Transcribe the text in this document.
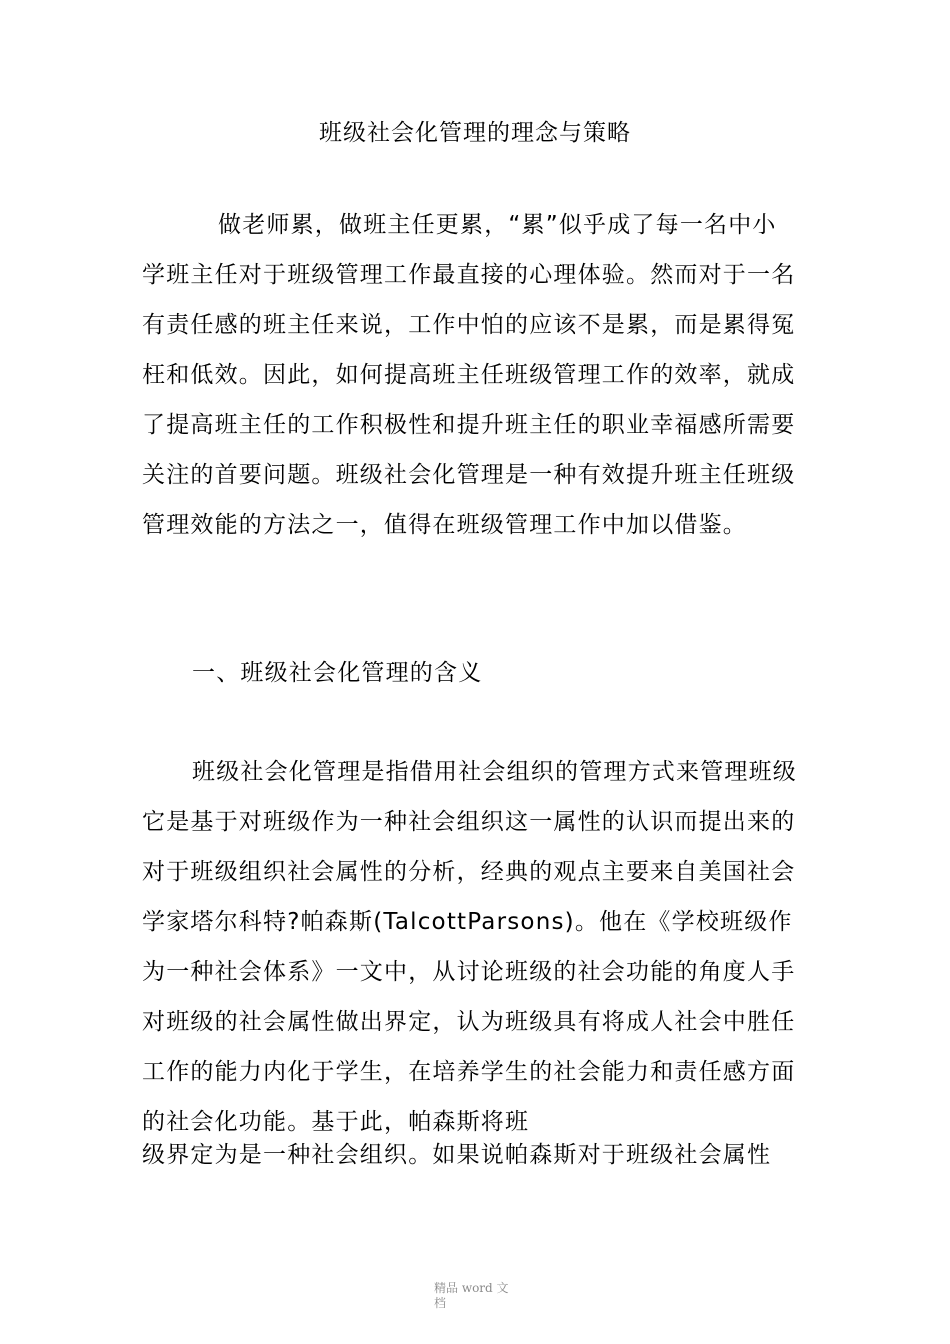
班级社会化管理的理念与策略
做老师累，做班主任更累，“累”似乎成了每一名中小
学班主任对于班级管理工作最直接的心理体验。然而对于一名
有责任感的班主任来说，工作中怕的应该不是累，而是累得冤
枉和低效。因此，如何提高班主任班级管理工作的效率，就成
了提高班主任的工作积极性和提升班主任的职业幸福感所需要
关注的首要问题。班级社会化管理是一种有效提升班主任班级
管理效能的方法之一，值得在班级管理工作中加以借鉴。
一、班级社会化管理的含义
班级社会化管理是指借用社会组织的管理方式来管理班级
它是基于对班级作为一种社会组织这一属性的认识而提出来的
对于班级组织社会属性的分析，经典的观点主要来自美国社会
学家塔尔科特?帕森斯(TalcottParsons)。他在《学校班级作
为一种社会体系》一文中，从讨论班级的社会功能的角度人手
对班级的社会属性做出界定，认为班级具有将成人社会中胜任
工作的能力内化于学生，在培养学生的社会能力和责任感方面
的社会化功能。基于此，帕森斯将班
级界定为是一种社会组织。如果说帕森斯对于班级社会属性
精品 word 文
档
